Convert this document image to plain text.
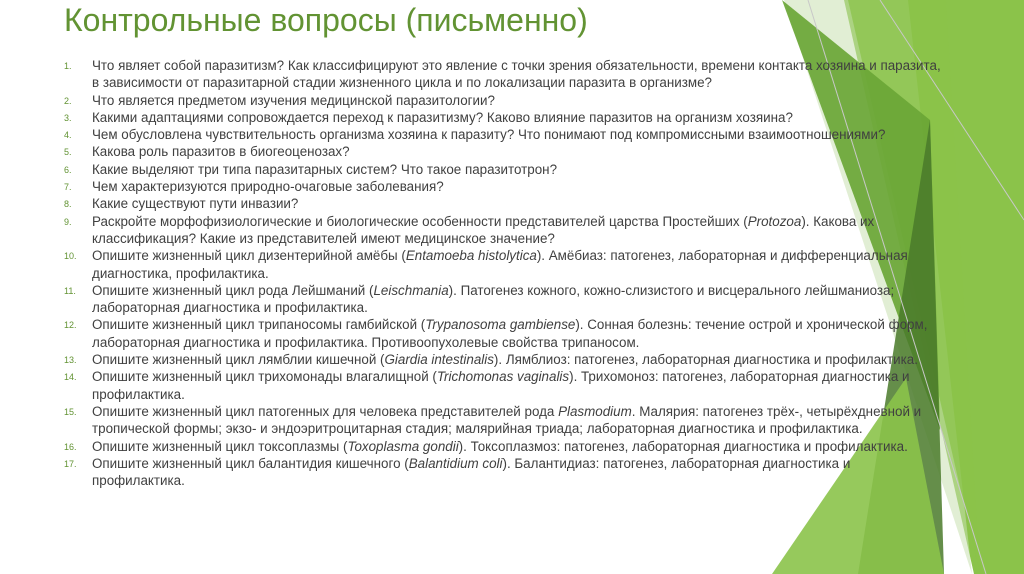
Контрольные вопросы (письменно)
1. Что являет собой паразитизм? Как классифицируют это явление с точки зрения обязательности, времени контакта хозяина и паразита, в зависимости от паразитарной стадии жизненного цикла и по локализации паразита в организме?
2. Что является предметом изучения медицинской паразитологии?
3. Какими адаптациями сопровождается переход к паразитизму? Каково влияние паразитов на организм хозяина?
4. Чем обусловлена чувствительность организма хозяина к паразиту? Что понимают под компромиссными взаимоотношениями?
5. Какова роль паразитов в биогеоценозах?
6. Какие выделяют три типа паразитарных систем? Что такое паразитотрон?
7. Чем характеризуются природно-очаговые заболевания?
8. Какие существуют пути инвазии?
9. Раскройте морфофизиологические и биологические особенности представителей царства Простейших (Protozoa). Какова их классификация? Какие из представителей имеют медицинское значение?
10. Опишите жизненный цикл дизентерийной амёбы (Entamoeba histolytica). Амёбиаз: патогенез, лабораторная и дифференциальная диагностика, профилактика.
11. Опишите жизненный цикл рода Лейшманий (Leischmania). Патогенез кожного, кожно-слизистого и висцерального лейшманиоза; лабораторная диагностика и профилактика.
12. Опишите жизненный цикл трипаносомы гамбийской (Trypanosoma gambiense). Сонная болезнь: течение острой и хронической форм, лабораторная диагностика и профилактика. Противоопухолевые свойства трипаносом.
13. Опишите жизненный цикл лямблии кишечной (Giardia intestinalis). Лямблиоз: патогенез, лабораторная диагностика и профилактика.
14. Опишите жизненный цикл трихомонады влагалищной (Trichomonas vaginalis). Трихомоноз: патогенез, лабораторная диагностика и профилактика.
15. Опишите жизненный цикл патогенных для человека представителей рода Plasmodium. Малярия: патогенез трёх-, четырёхдневной и тропической формы; экзо- и эндоэритроцитарная стадия; малярийная триада; лабораторная диагностика и профилактика.
16. Опишите жизненный цикл токсоплазмы (Toxoplasma gondii). Токсоплазмоз: патогенез, лабораторная диагностика и профилактика.
17. Опишите жизненный цикл балантидия кишечного (Balantidium coli). Балантидиаз: патогенез, лабораторная диагностика и профилактика.
